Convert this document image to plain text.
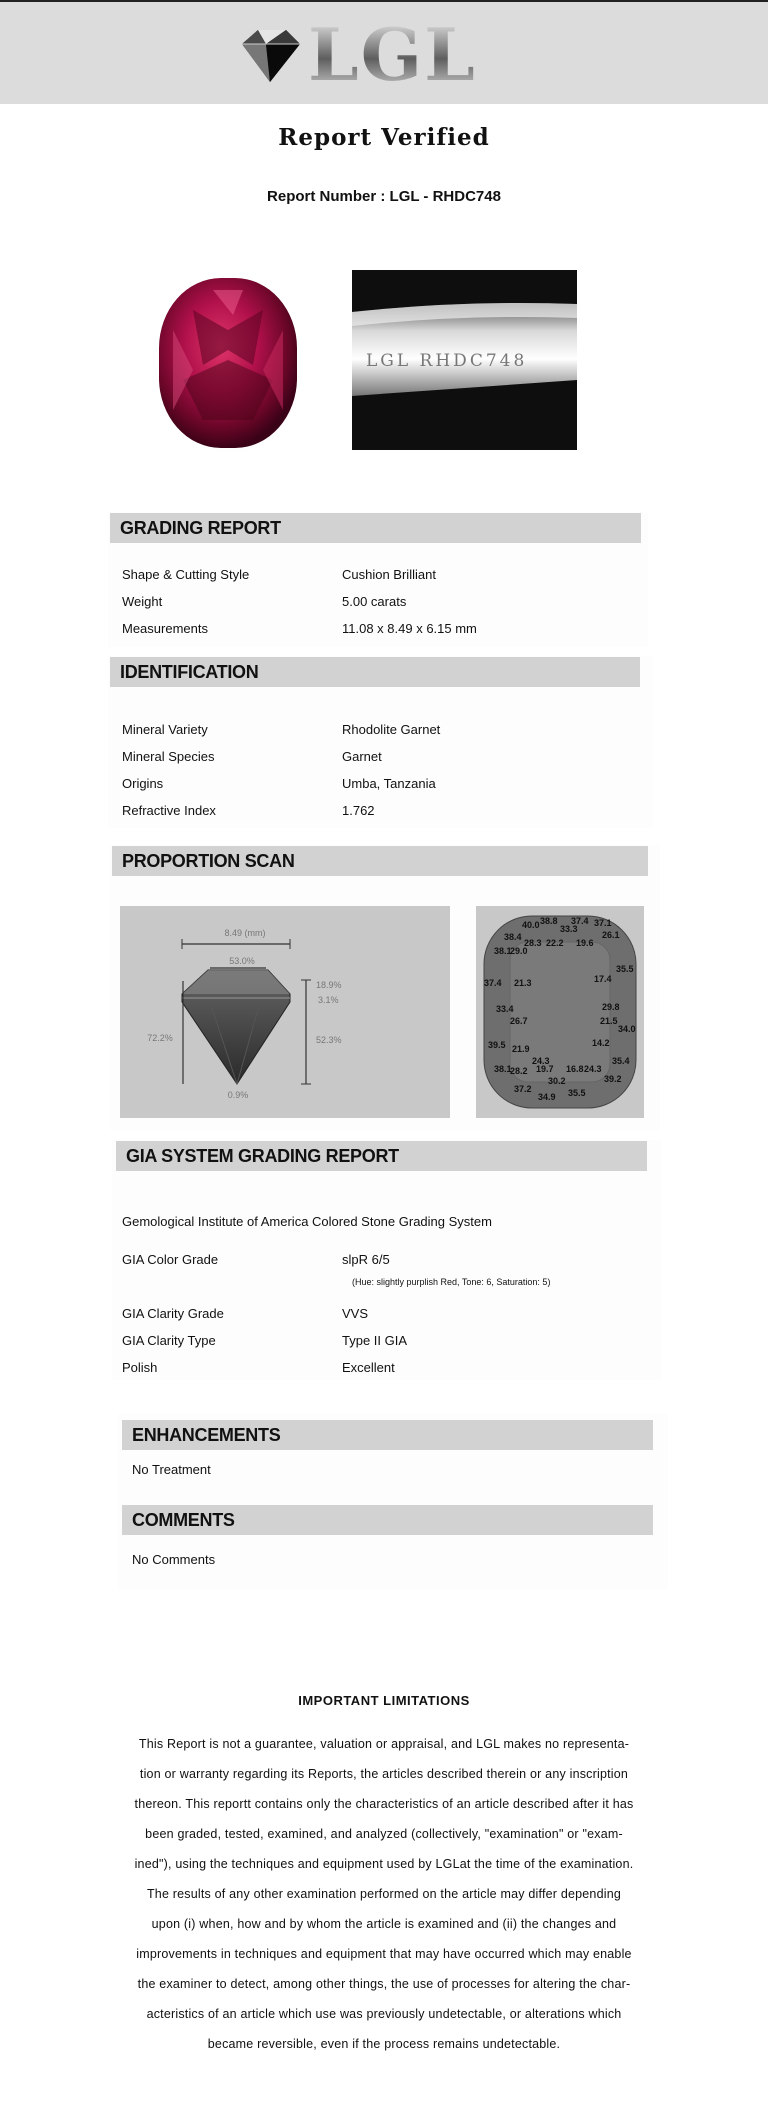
LGL
Report Verified
Report Number : LGL - RHDC748
LGL RHDC748
GRADING REPORT
Shape & Cutting Style	Cushion Brilliant
Weight	5.00 carats
Measurements	11.08 x 8.49 x 6.15 mm
IDENTIFICATION
Mineral Variety	Rhodolite Garnet
Mineral Species	Garnet
Origins	Umba, Tanzania
Refractive Index	1.762
PROPORTION SCAN
8.49 (mm)
53.0%
72.2%
18.9%
3.1%
52.3%
0.9%
40.0 38.8 37.4 37.1
33.3
38.4	26.1
28.3 22.2 19.6
38.1
29.0
35.5
37.4 21.3	17.4
33.4	29.8
26.7	21.5
34.0
39.5	14.2
21.9
35.4
24.3
38.1
28.2 19.7 16.8 24.3
39.2
30.2
37.2	35.5
34.9
GIA SYSTEM GRADING REPORT
Gemological Institute of America Colored Stone Grading System
GIA Color Grade	slpR 6/5
(Hue: slightly purplish Red, Tone: 6, Saturation: 5)
GIA Clarity Grade	VVS
GIA Clarity Type	Type II GIA
Polish	Excellent
ENHANCEMENTS
No Treatment
COMMENTS
No Comments
IMPORTANT LIMITATIONS
This Report is not a guarantee, valuation or appraisal, and LGL makes no representa-
tion or warranty regarding its Reports, the articles described therein or any inscription
thereon. This reportt contains only the characteristics of an article described after it has
been graded, tested, examined, and analyzed (collectively, "examination" or "exam-
ined"), using the techniques and equipment used by LGLat the time of the examination.
The results of any other examination performed on the article may differ depending
upon (i) when, how and by whom the article is examined and (ii) the changes and
improvements in techniques and equipment that may have occurred which may enable
the examiner to detect, among other things, the use of processes for altering the char-
acteristics of an article which use was previously undetectable, or alterations which
became reversible, even if the process remains undetectable.
